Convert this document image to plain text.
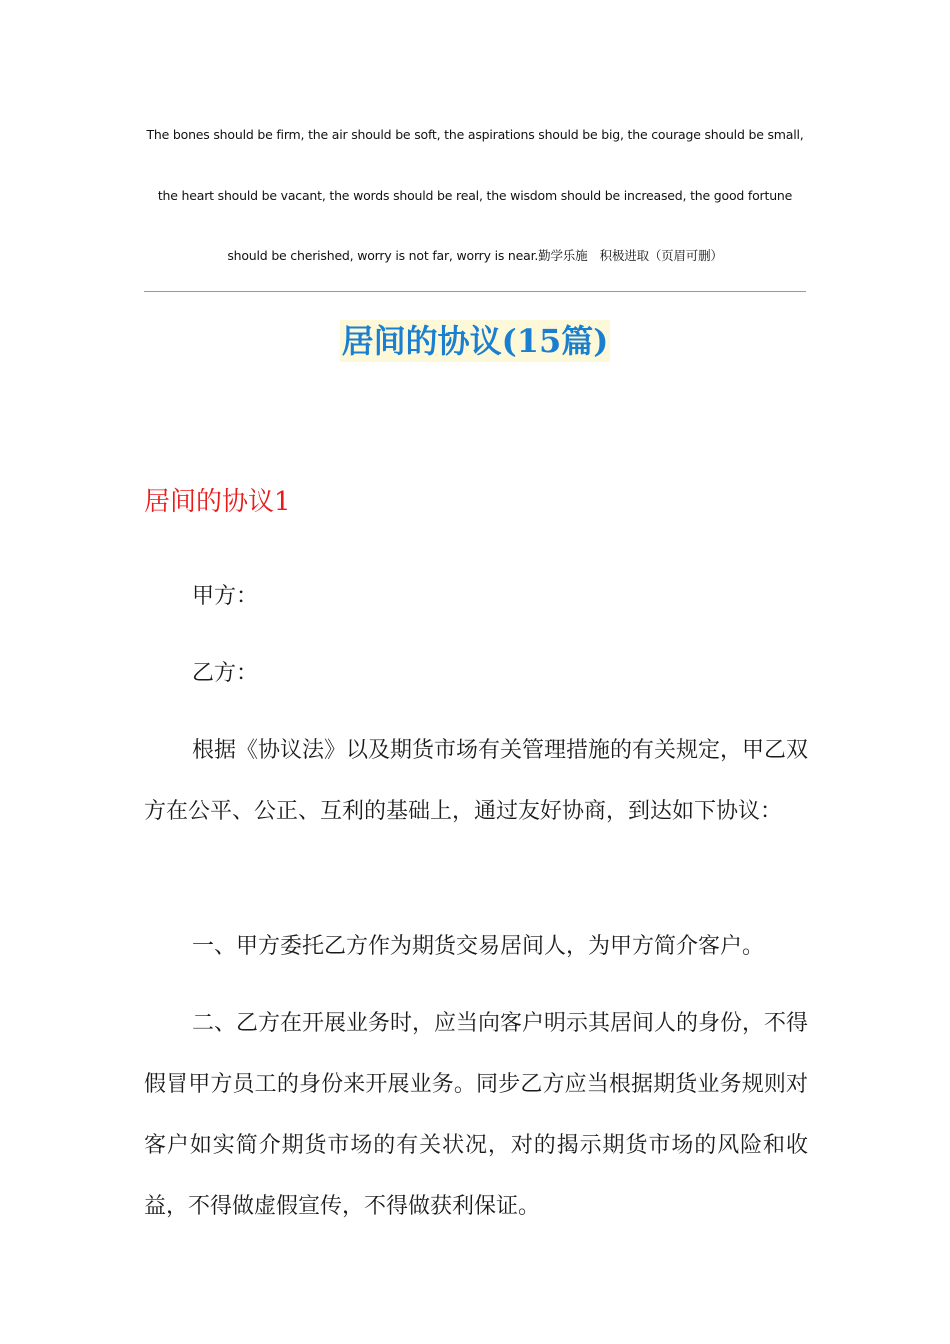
The bones should be firm, the air should be soft, the aspirations should be big, the courage should be small, the heart should be vacant, the words should be real, the wisdom should be increased, the good fortune should be cherished, worry is not far, worry is near.勤学乐施　积极进取（页眉可删）
居间的协议(15篇)
居间的协议1

甲方：

乙方：

根据《协议法》以及期货市场有关管理措施的有关规定，甲乙双方在公平、公正、互利的基础上，通过友好协商，到达如下协议：

一、甲方委托乙方作为期货交易居间人，为甲方简介客户。

二、乙方在开展业务时，应当向客户明示其居间人的身份，不得假冒甲方员工的身份来开展业务。同步乙方应当根据期货业务规则对客户如实简介期货市场的有关状况，对的揭示期货市场的风险和收益，不得做虚假宣传，不得做获利保证。
